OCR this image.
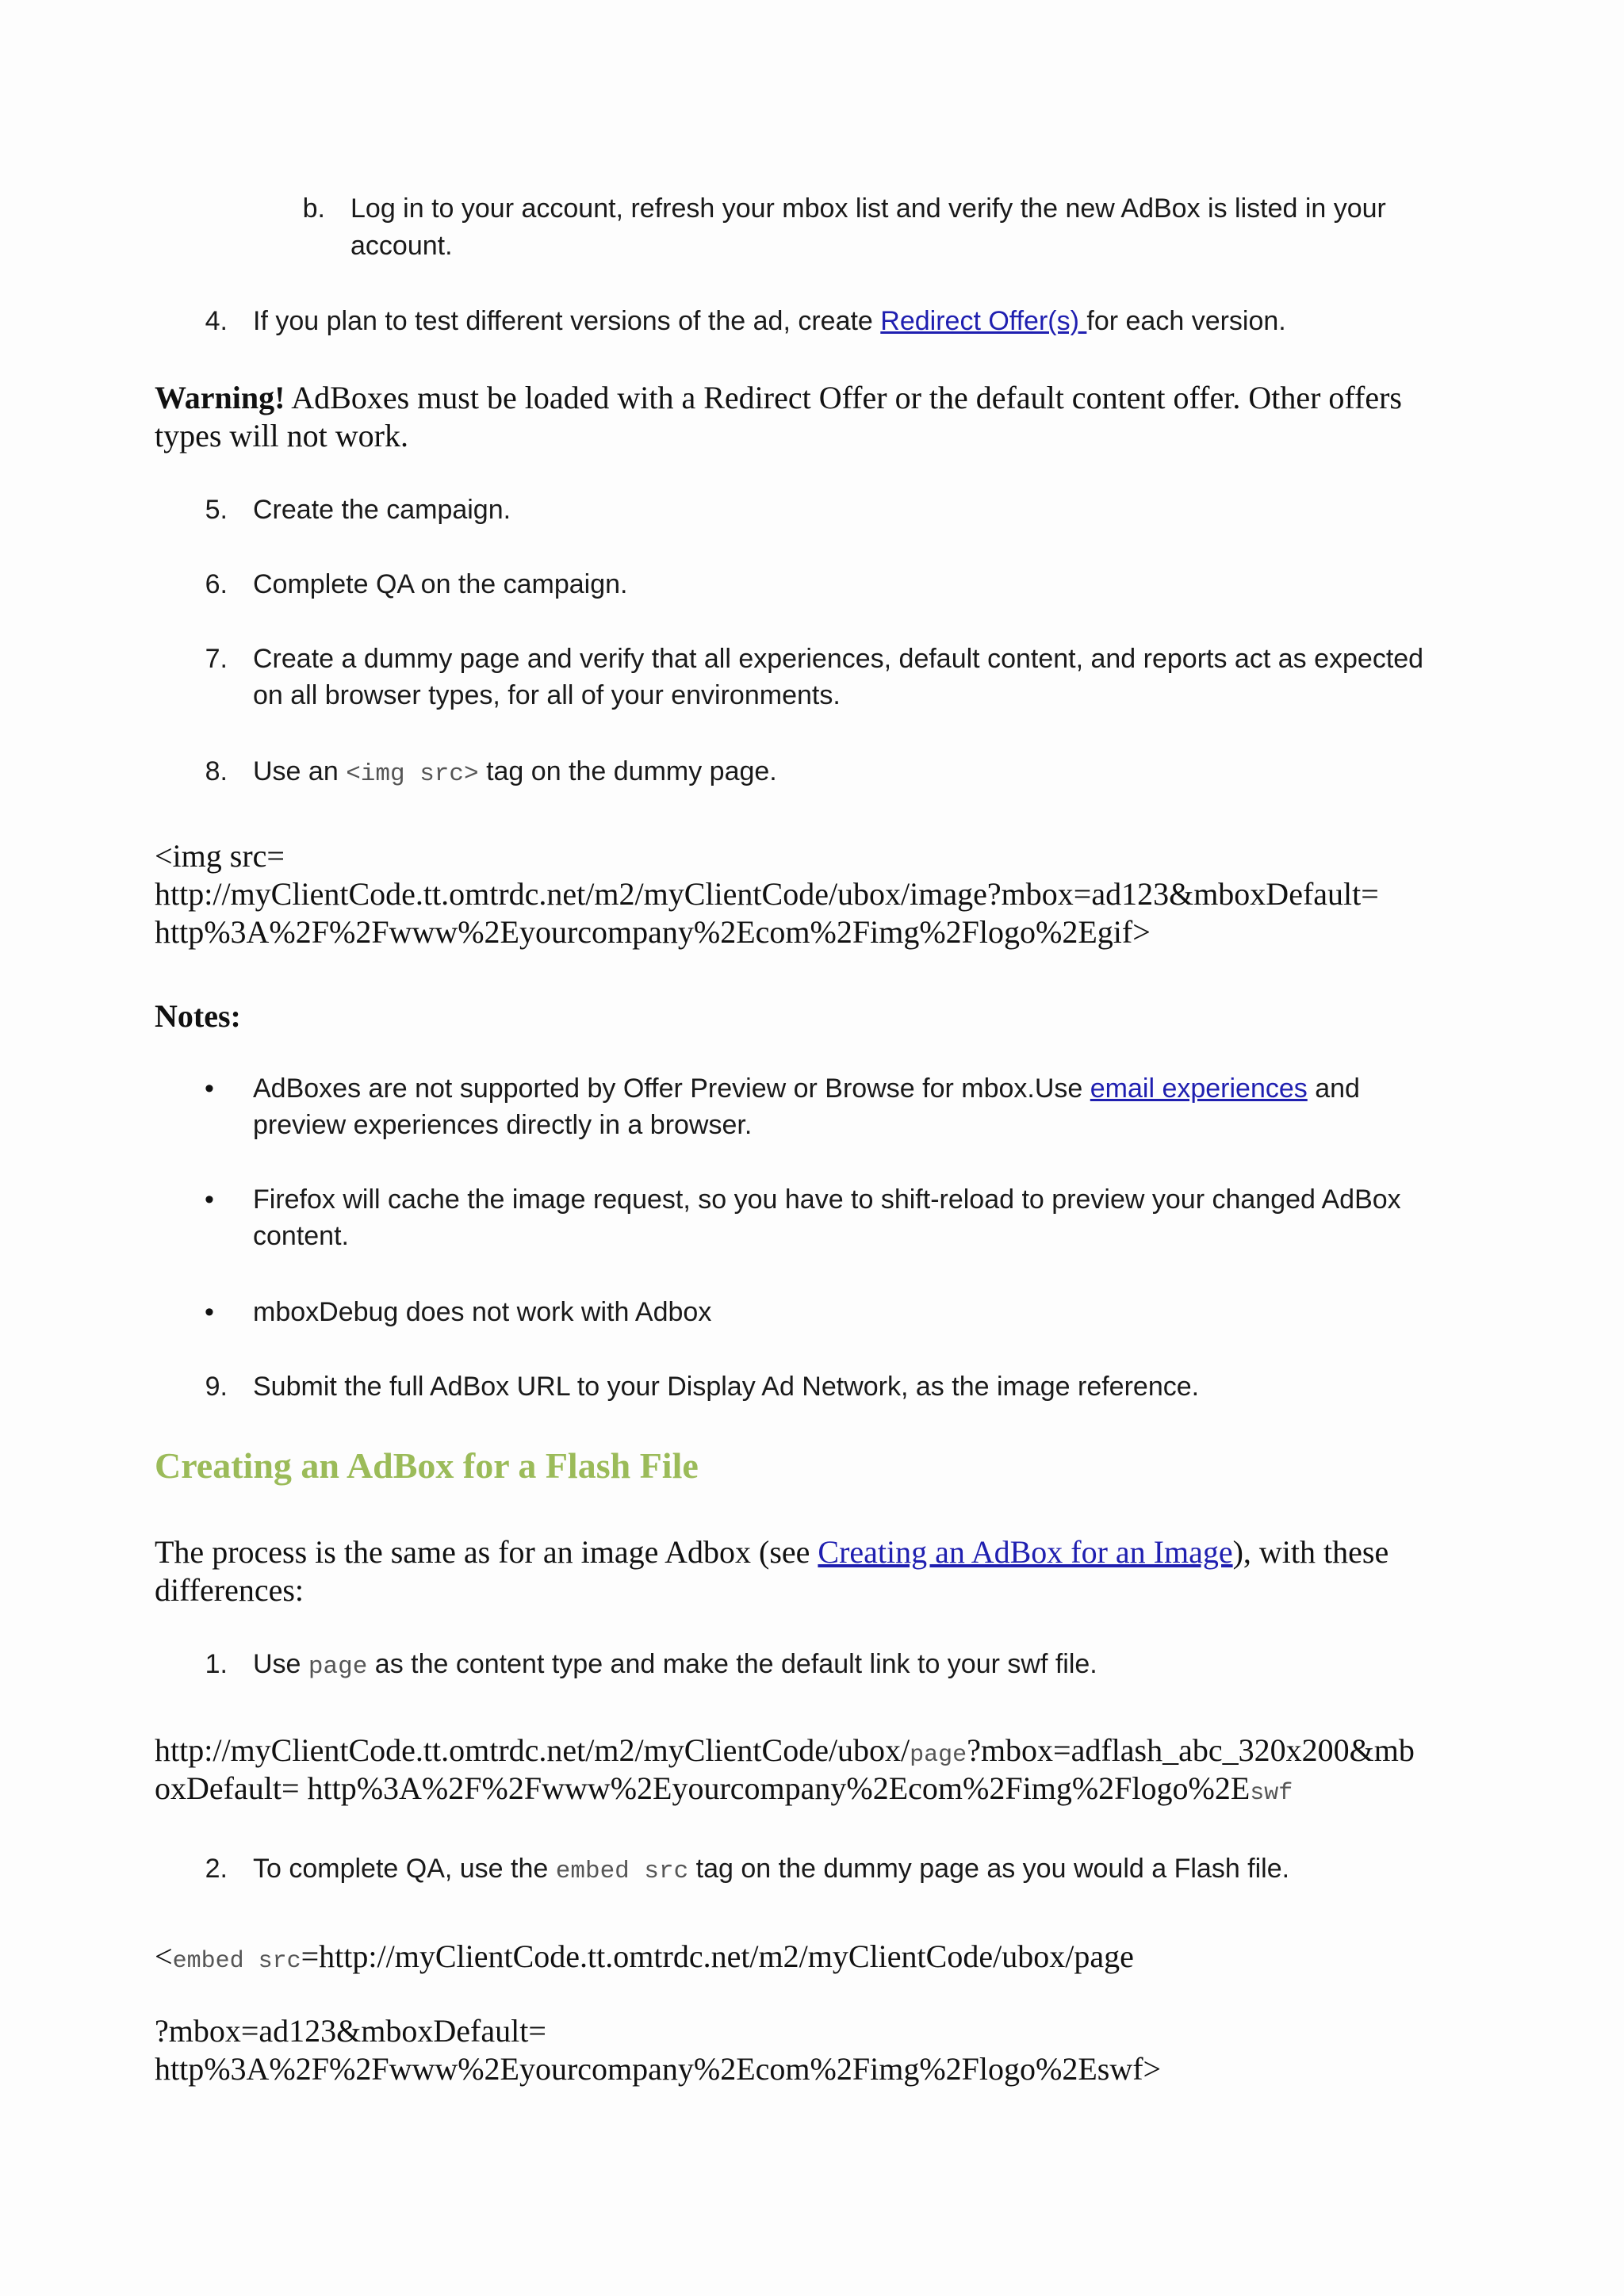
b. Log in to your account, refresh your mbox list and verify the new AdBox is listed in your

account.

4. If you plan to test different versions of the ad, create Redirect Offer(s) for each version.

Warning! AdBoxes must be loaded with a Redirect Offer or the default content offer. Other offers

types will not work.

5. Create the campaign.

6. Complete QA on the campaign.

7. Create a dummy page and verify that all experiences, default content, and reports act as expected

on all browser types, for all of your environments.

8. Use an <img src> tag on the dummy page.

<img src=

http://myClientCode.tt.omtrdc.net/m2/myClientCode/ubox/image?mbox=ad123&mboxDefault=

http%3A%2F%2Fwww%2Eyourcompany%2Ecom%2Fimg%2Flogo%2Egif>

Notes:

• AdBoxes are not supported by Offer Preview or Browse for mbox.Use email experiences and

preview experiences directly in a browser.

• Firefox will cache the image request, so you have to shift-reload to preview your changed AdBox

content.

• mboxDebug does not work with Adbox

9. Submit the full AdBox URL to your Display Ad Network, as the image reference.

Creating an AdBox for a Flash File

The process is the same as for an image Adbox (see Creating an AdBox for an Image), with these

differences:

1. Use page as the content type and make the default link to your swf file.

http://myClientCode.tt.omtrdc.net/m2/myClientCode/ubox/page?mbox=adflash_abc_320x200&mb

oxDefault= http%3A%2F%2Fwww%2Eyourcompany%2Ecom%2Fimg%2Flogo%2Eswf

2. To complete QA, use the embed src tag on the dummy page as you would a Flash file.

<embed src=http://myClientCode.tt.omtrdc.net/m2/myClientCode/ubox/page

?mbox=ad123&mboxDefault=

http%3A%2F%2Fwww%2Eyourcompany%2Ecom%2Fimg%2Flogo%2Eswf>
